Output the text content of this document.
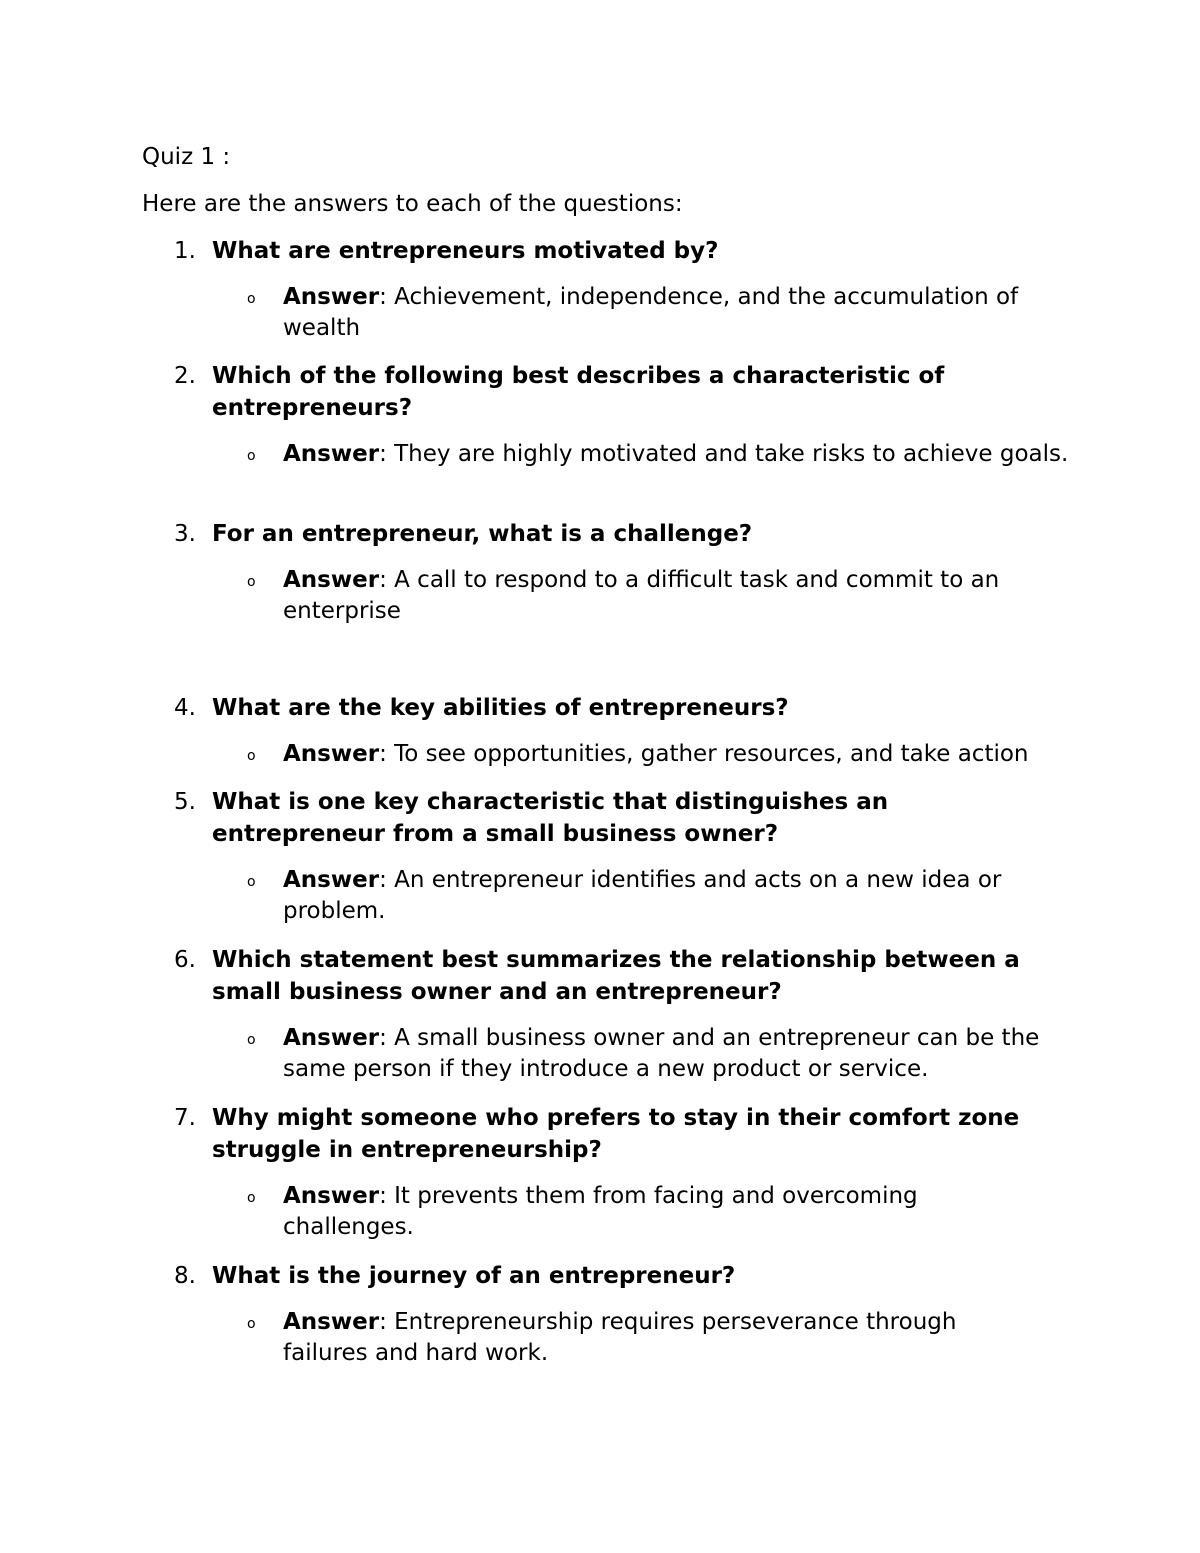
Quiz 1 :
Here are the answers to each of the questions:
1. What are entrepreneurs motivated by?
o Answer: Achievement, independence, and the accumulation of wealth
2. Which of the following best describes a characteristic of entrepreneurs?
o Answer: They are highly motivated and take risks to achieve goals.
3. For an entrepreneur, what is a challenge?
o Answer: A call to respond to a difficult task and commit to an enterprise
4. What are the key abilities of entrepreneurs?
o Answer: To see opportunities, gather resources, and take action
5. What is one key characteristic that distinguishes an entrepreneur from a small business owner?
o Answer: An entrepreneur identifies and acts on a new idea or problem.
6. Which statement best summarizes the relationship between a small business owner and an entrepreneur?
o Answer: A small business owner and an entrepreneur can be the same person if they introduce a new product or service.
7. Why might someone who prefers to stay in their comfort zone struggle in entrepreneurship?
o Answer: It prevents them from facing and overcoming challenges.
8. What is the journey of an entrepreneur?
o Answer: Entrepreneurship requires perseverance through failures and hard work.
